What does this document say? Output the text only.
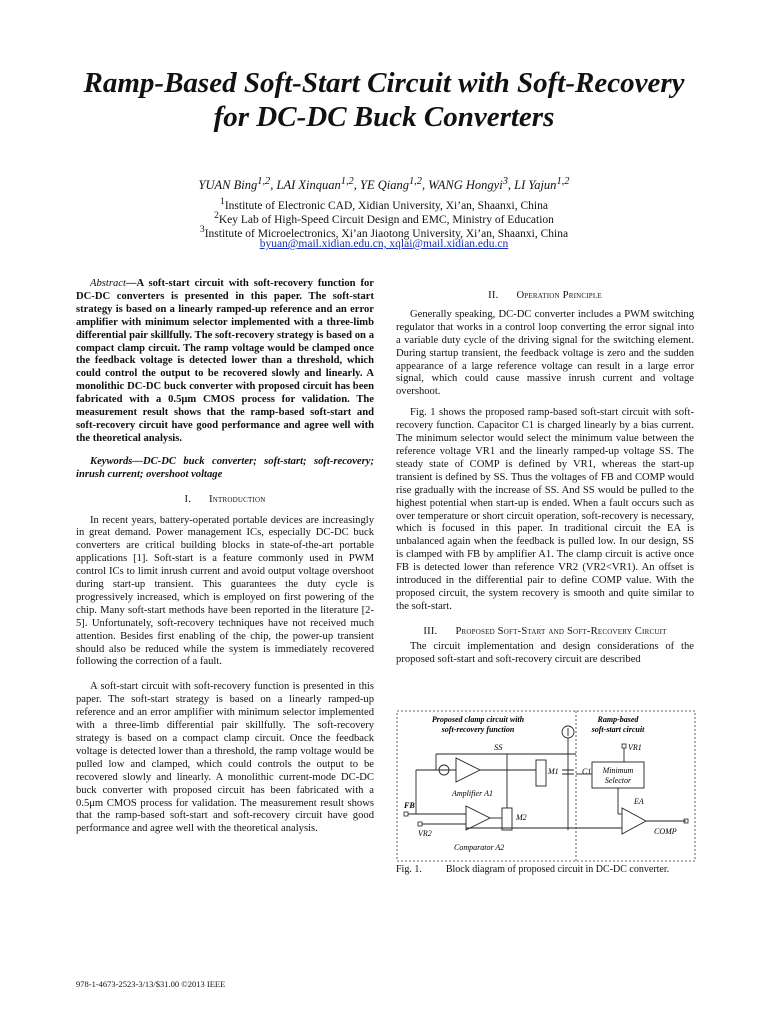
Ramp-Based Soft-Start Circuit with Soft-Recovery
for DC-DC Buck Converters
YUAN Bing$^{1,2}$, LAI Xinquan$^{1,2}$, YE Qiang$^{1,2}$, WANG Hongyi$^3$, LI Yajun$^{1,2}$
$^1$Institute of Electronic CAD, Xidian University, Xi’an, Shaanxi, China
$^2$Key Lab of High-Speed Circuit Design and EMC, Ministry of Education
$^3$Institute of Microelectronics, Xi’an Jiaotong University, Xi’an, Shaanxi, China
byuan@mail.xidian.edu.cn, xqlai@mail.xidian.edu.cn

Abstract—A soft-start circuit with soft-recovery function for DC-DC converters is presented in this paper. The soft-start strategy is based on a linearly ramped-up reference and an error amplifier with minimum selector implemented with a three-limb differential pair skillfully. The soft-recovery strategy is based on a compact clamp circuit. The ramp voltage would be clamped once the feedback voltage is detected lower than a threshold, which could control the output to be recovered slowly and linearly. A monolithic DC-DC buck converter with proposed circuit has been fabricated with a 0.5μm CMOS process for validation. The measurement result shows that the ramp-based soft-start and soft-recovery circuit have good performance and agree well with the theoretical analysis.

Keywords—DC-DC buck converter; soft-start; soft-recovery; inrush current; overshoot voltage

I. Introduction

In recent years, battery-operated portable devices are increasingly in great demand. Power management ICs, especially DC-DC buck converters are critical building blocks in state-of-the-art portable applications [1]. Soft-start is a feature commonly used in PWM control ICs to limit inrush current and avoid output voltage overshoot during start-up transient. This guarantees the duty cycle is progressively increased, which is employed on first powering of the chip. Many soft-start methods have been reported in the literature [2-5]. Unfortunately, soft-recovery techniques have not received much attention. Besides first enabling of the chip, the power-up transient should also be reduced while the system is immediately recovered following the correction of a fault.

A soft-start circuit with soft-recovery function is presented in this paper. The soft-start strategy is based on a linearly ramped-up reference and an error amplifier with minimum selector implemented with a three-limb differential pair skillfully. The soft-recovery strategy is based on a compact clamp circuit. Once the feedback voltage is detected lower than a threshold, the ramp voltage would be pulled low and clamped, which could controls the output to be recovered slowly and linearly. A monolithic current-mode DC-DC buck converter with proposed circuit has been fabricated with a 0.5μm CMOS process for validation. The measurement result shows that the ramp-based soft-start and soft-recovery circuit have good performance and agree well with the theoretical analysis.

II. Operation Principle

Generally speaking, DC-DC converter includes a PWM switching regulator that works in a control loop converting the error signal into a variable duty cycle of the driving signal for the switching element. During startup transient, the feedback voltage is zero and the sudden appearance of a large reference voltage can result in a large error signal, which could cause massive inrush current and voltage overshoot.

Fig. 1 shows the proposed ramp-based soft-start circuit with soft-recovery function. Capacitor C1 is charged linearly by a bias current. The minimum selector would select the minimum value between the reference voltage VR1 and the linearly ramped-up voltage SS. The steady state of COMP is defined by VR1, whereas the start-up transient is defined by SS. Thus the voltages of FB and COMP would rise gradually with the increase of SS. And SS would be pulled to the highest potential when start-up is ended. When a fault occurs such as over temperature or short circuit operation, soft-recovery is necessary, which is focused in this paper. In traditional circuit the EA is unbalanced again when the feedback is pulled low. In our design, SS is clamped with FB by amplifier A1. The clamp circuit is active once FB is detected lower than reference VR2 (VR2<VR1). An offset is introduced in the differential pair to define COMP value. With the proposed circuit, the system recovery is smooth and quite similar to the soft-start.

III. Proposed Soft-Start and Soft-Recovery Circuit

The circuit implementation and design considerations of the proposed soft-start and soft-recovery circuit are described

Proposed clamp circuit with
soft-recovery function
Ramp-based
soft-start circuit
SS
C1
M1
Amplifier A1
Minimum
Selector
VR1
EA
COMP
FB
VR2
M2
Comparator A2
Fig. 1. Block diagram of proposed circuit in DC-DC converter.
978-1-4673-2523-3/13/$31.00 ©2013 IEEE
